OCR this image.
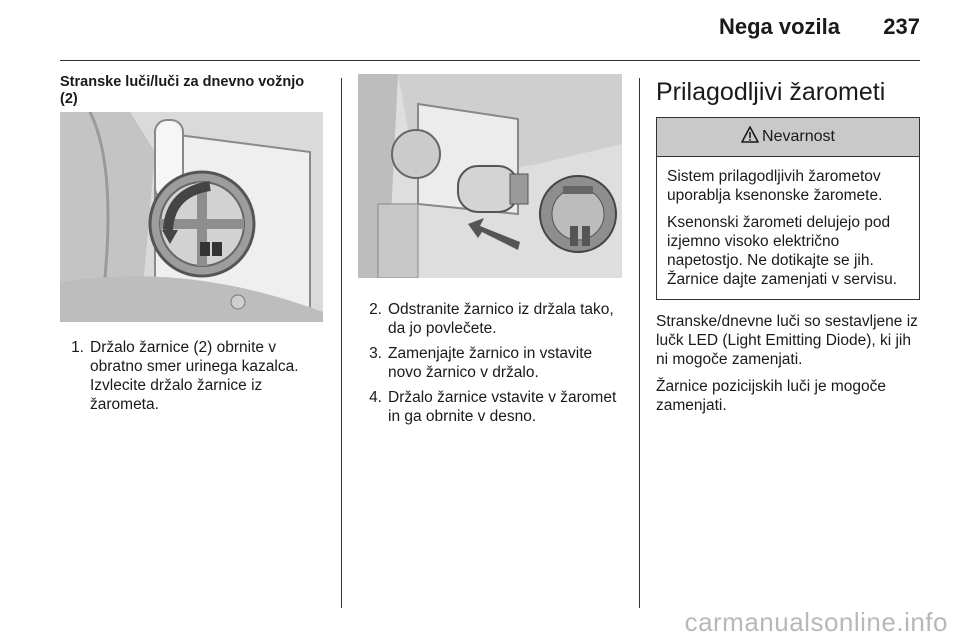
Nega vozila 237
Stranske luči/luči za dnevno vožnjo (2)
1. Držalo žarnice (2) obrnite v obratno smer urinega kazalca. Izvlecite držalo žarnice iz žarometa.
2. Odstranite žarnico iz držala tako, da jo povlečete.
3. Zamenjajte žarnico in vstavite novo žarnico v držalo.
4. Držalo žarnice vstavite v žaromet in ga obrnite v desno.
Prilagodljivi žarometi
Nevarnost

Sistem prilagodljivih žarometov uporablja ksenonske žaromete.

Ksenonski žarometi delujejo pod izjemno visoko električno napetostjo. Ne dotikajte se jih. Žarnice dajte zamenjati v servisu.

Stranske/dnevne luči so sestavljene iz lučk LED (Light Emitting Diode), ki jih ni mogoče zamenjati.

Žarnice pozicijskih luči je mogoče zamenjati.

carmanualsonline.info
